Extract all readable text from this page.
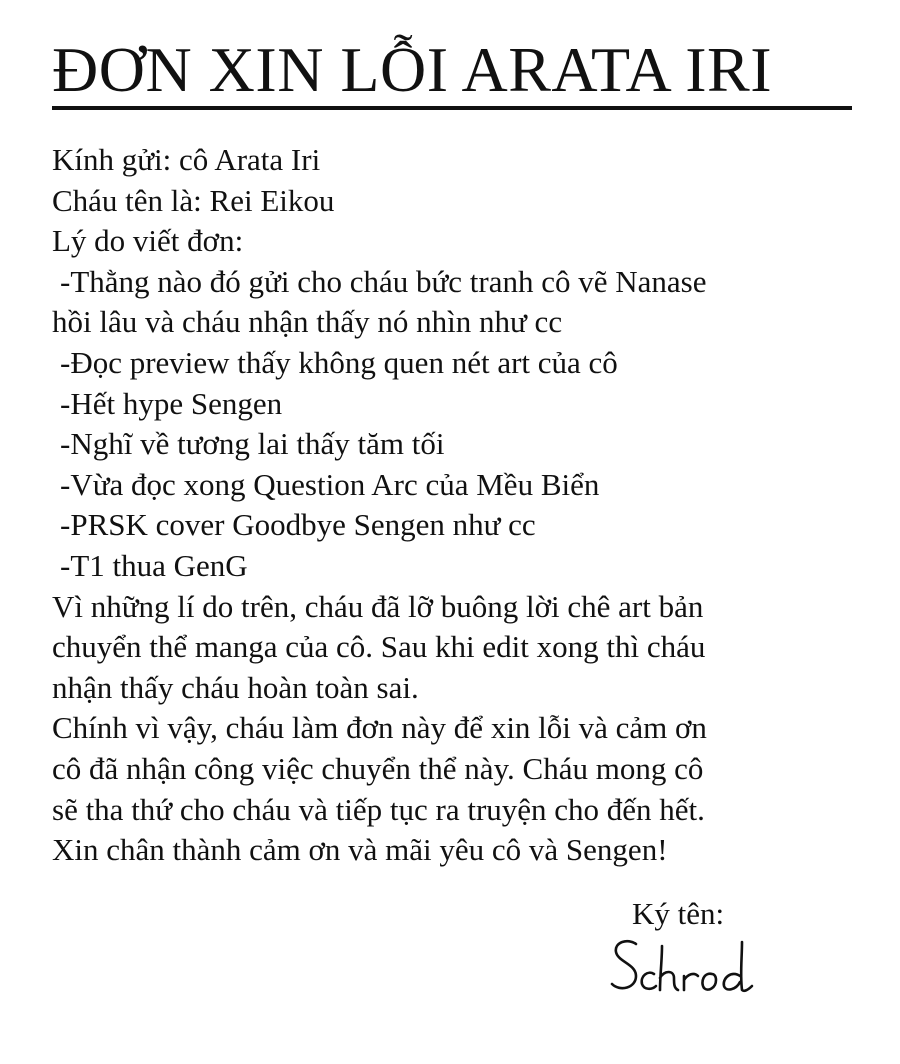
ĐƠN XIN LỖI ARATA IRI
Kính gửi: cô Arata Iri
Cháu tên là: Rei Eikou
Lý do viết đơn:
-Thằng nào đó gửi cho cháu bức tranh cô vẽ Nanase
hồi lâu và cháu nhận thấy nó nhìn như cc
-Đọc preview thấy không quen nét art của cô
-Hết hype Sengen
-Nghĩ về tương lai thấy tăm tối
-Vừa đọc xong Question Arc của Mều Biển
-PRSK cover Goodbye Sengen như cc
-T1 thua GenG
Vì những lí do trên, cháu đã lỡ buông lời chê art bản
chuyển thể manga của cô. Sau khi edit xong thì cháu
nhận thấy cháu hoàn toàn sai.
Chính vì vậy, cháu làm đơn này để xin lỗi và cảm ơn
cô đã nhận công việc chuyển thể này. Cháu mong cô
sẽ tha thứ cho cháu và tiếp tục ra truyện cho đến hết.
Xin chân thành cảm ơn và mãi yêu cô và Sengen!
Ký tên:
